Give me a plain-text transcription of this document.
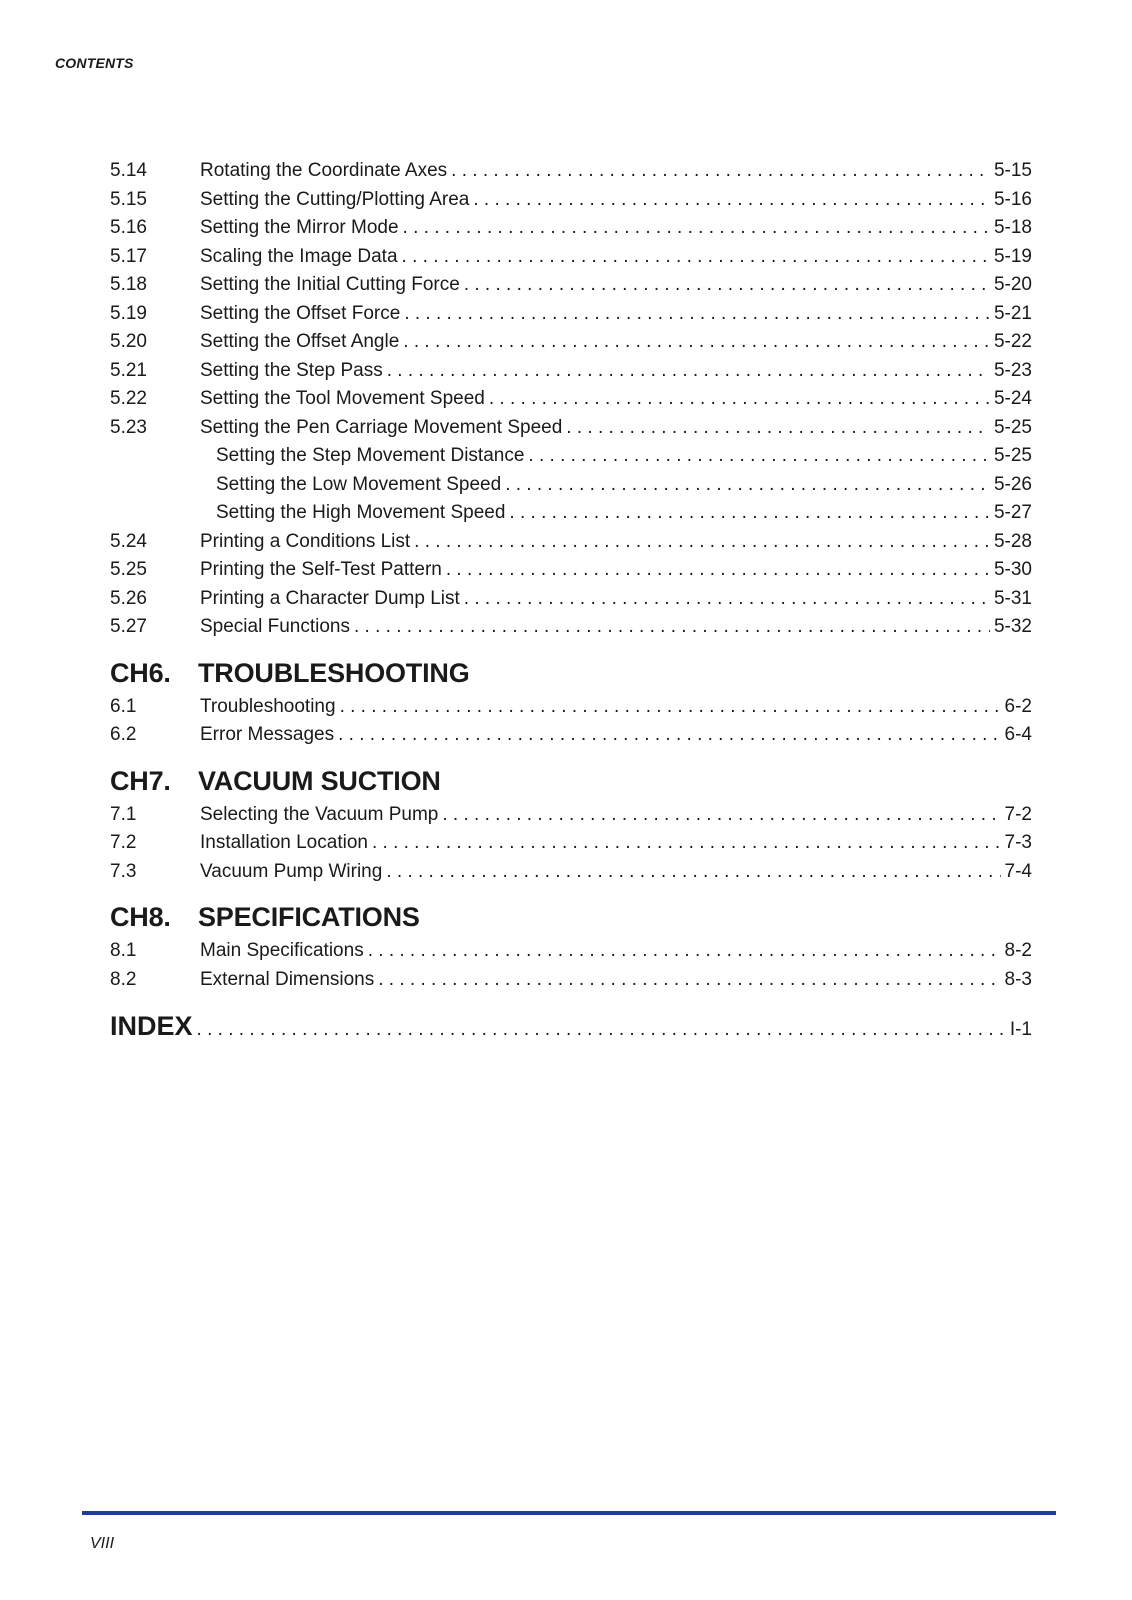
CONTENTS
5.14	Rotating the Coordinate Axes . . .	5-15
5.15	Setting the Cutting/Plotting Area . . .	5-16
5.16	Setting the Mirror Mode . . .	5-18
5.17	Scaling the Image Data . . .	5-19
5.18	Setting the Initial Cutting Force . . .	5-20
5.19	Setting the Offset Force . . .	5-21
5.20	Setting the Offset Angle . . .	5-22
5.21	Setting the Step Pass . . .	5-23
5.22	Setting the Tool Movement Speed . . .	5-24
5.23	Setting the Pen Carriage Movement Speed . . .	5-25
Setting the Step Movement Distance . . .	5-25
Setting the Low Movement Speed . . .	5-26
Setting the High Movement Speed . . .	5-27
5.24	Printing a Conditions List . . .	5-28
5.25	Printing the Self-Test Pattern . . .	5-30
5.26	Printing a Character Dump List . . .	5-31
5.27	Special Functions . . .	5-32
CH6.	TROUBLESHOOTING
6.1	Troubleshooting . . .	6-2
6.2	Error Messages . . .	6-4
CH7.	VACUUM SUCTION
7.1	Selecting the Vacuum Pump . . .	7-2
7.2	Installation Location . . .	7-3
7.3	Vacuum Pump Wiring . . .	7-4
CH8.	SPECIFICATIONS
8.1	Main Specifications . . .	8-2
8.2	External Dimensions . . .	8-3
INDEX . . .	I-1
VIII
